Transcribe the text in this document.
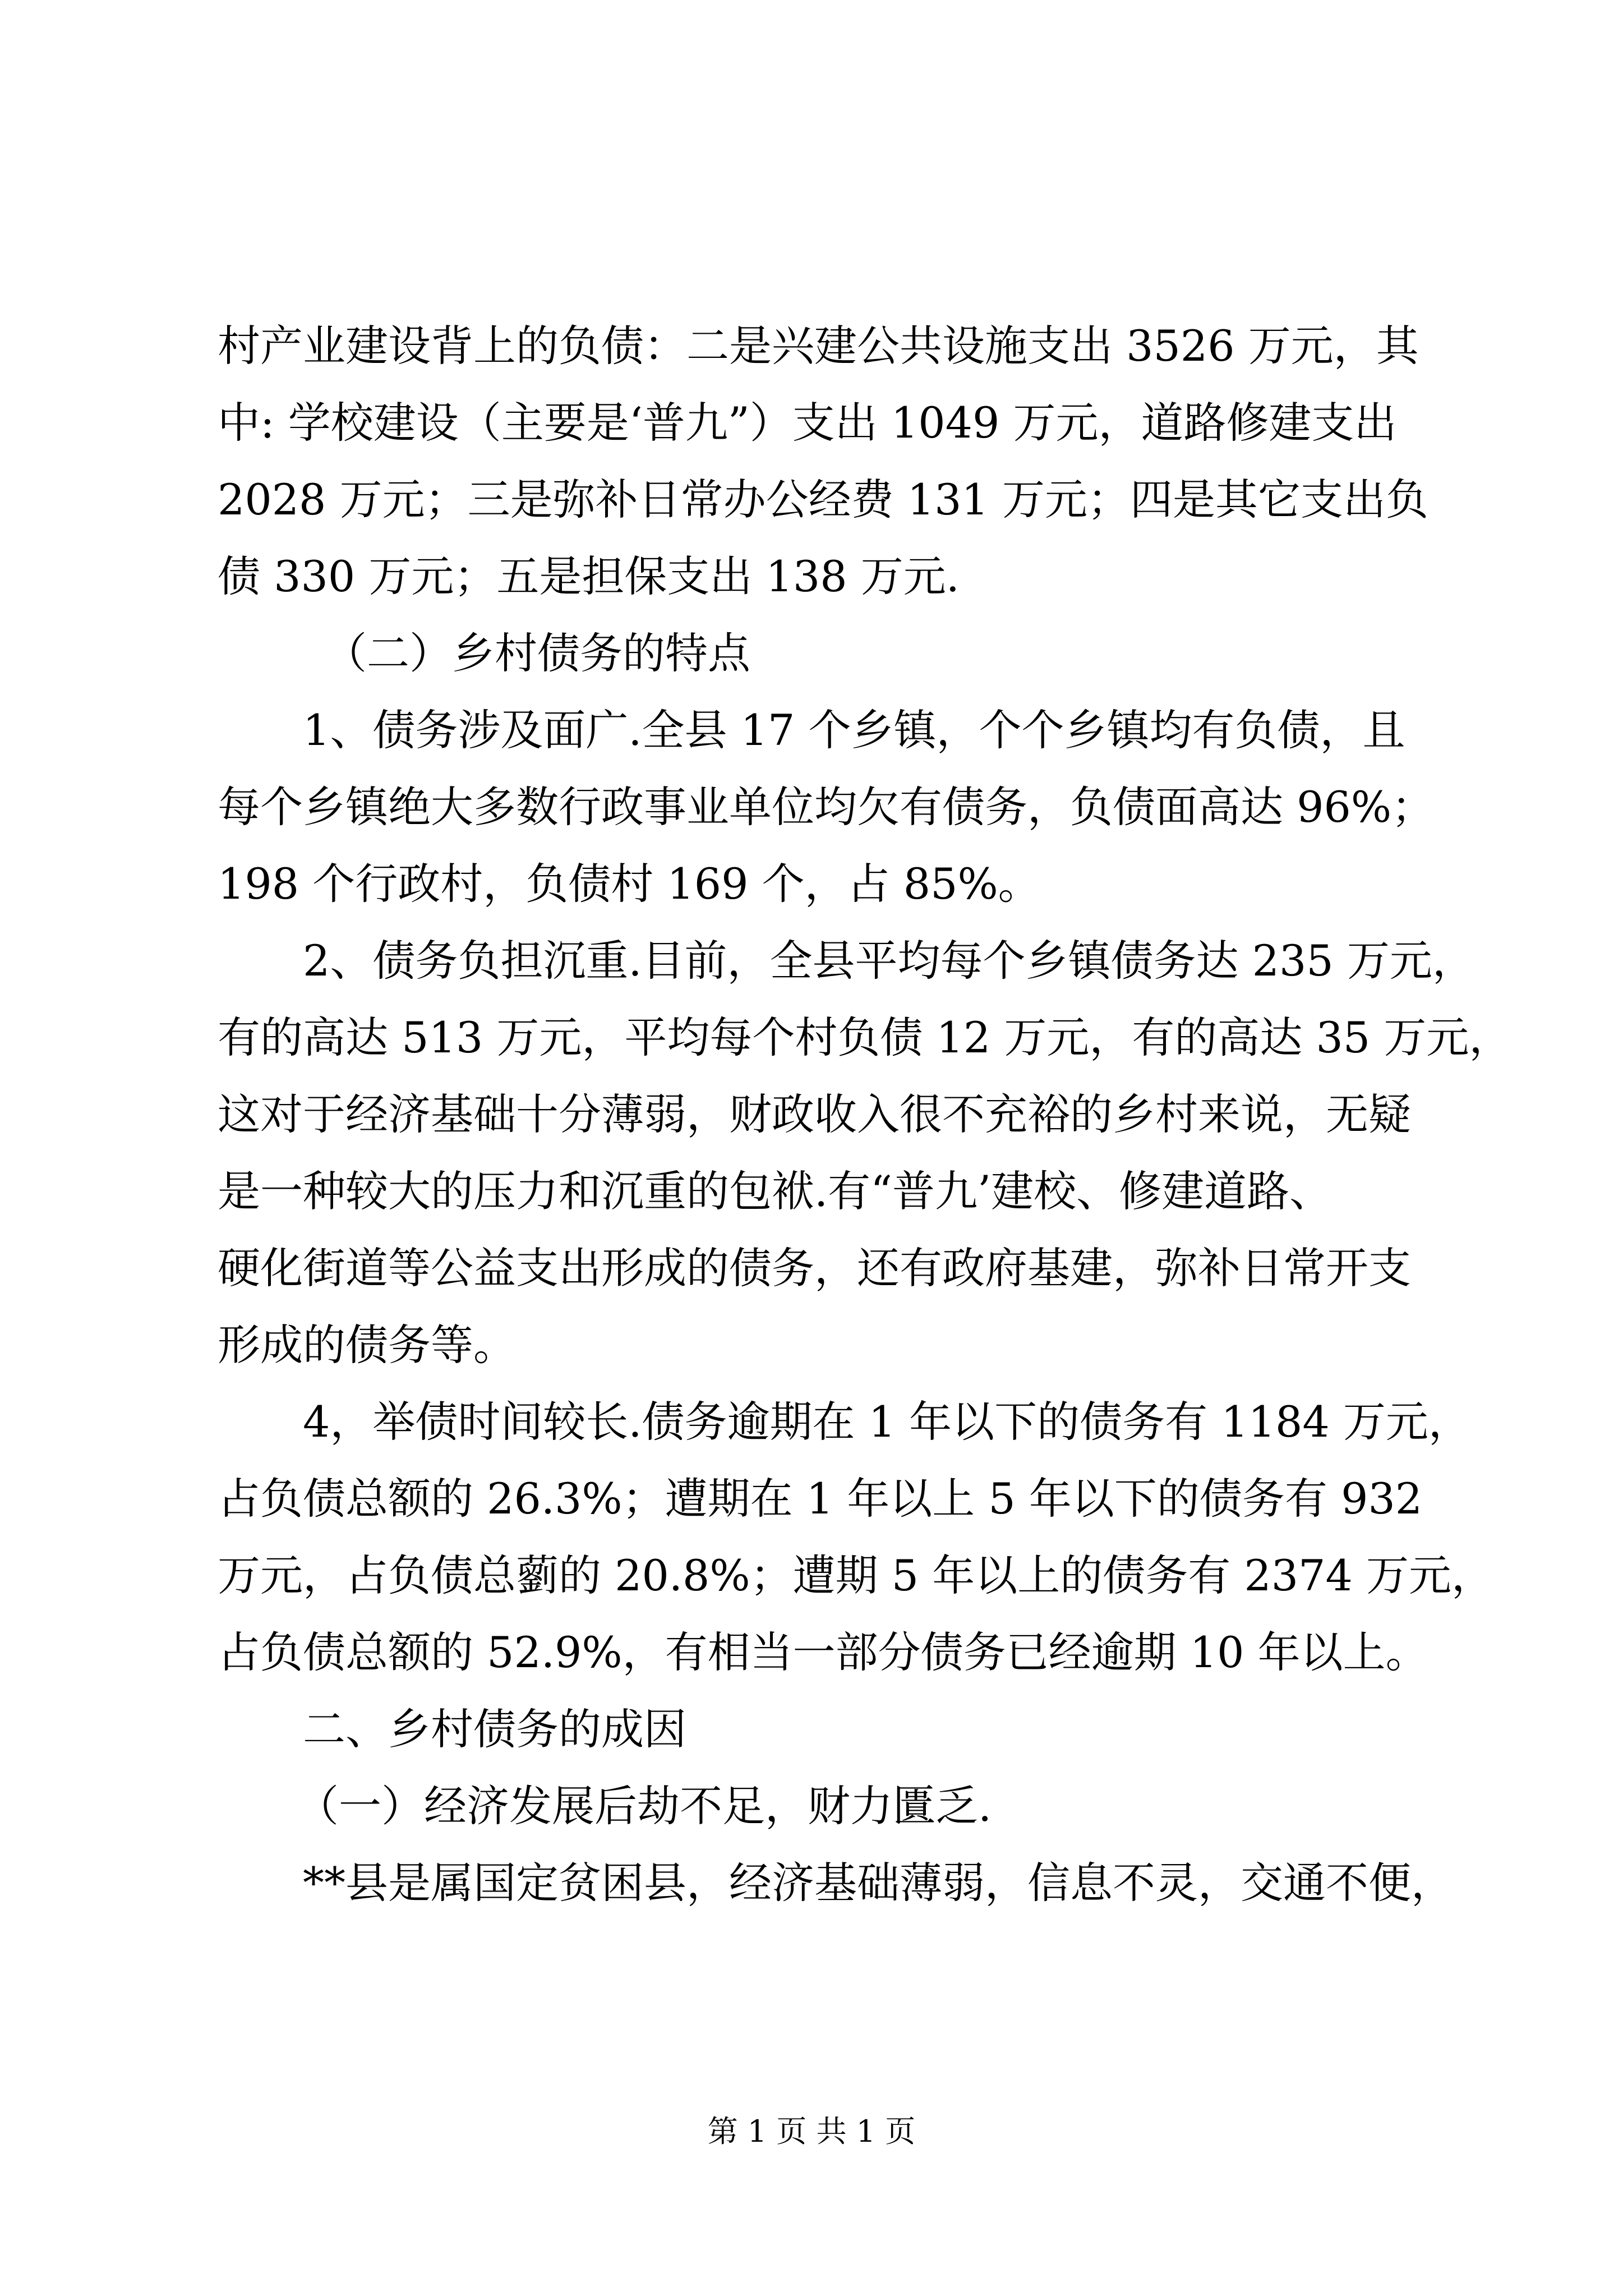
村产业建设背上的负债：二是兴建公共设施支出 3526 万元，其
中: 学校建设（主要是‘普九”）支出 1049 万元，道路修建支出
2028 万元；三是弥补日常办公经费 131 万元；四是其它支出负
债 330 万元；五是担保支出 138 万元.
（二）乡村债务的特点
1、债务涉及面广.全县 17 个乡镇，个个乡镇均有负债，且
每个乡镇绝大多数行政事业单位均欠有债务，负债面高达 96%；
198 个行政村，负债村 169 个，占 85%。
2、债务负担沉重.目前，全县平均每个乡镇债务达 235 万元，
有的高达 513 万元，平均每个村负债 12 万元，有的高达 35 万元，
这对于经济基础十分薄弱，财政收入很不充裕的乡村来说，无疑
是一种较大的压力和沉重的包袱.有“普九’建校、修建道路、
硬化街道等公益支出形成的债务，还有政府基建，弥补日常开支
形成的债务等。
4，举债时间较长.债务逾期在 1 年以下的债务有 1184 万元，
占负债总额的 26.3%；遭期在 1 年以上 5 年以下的债务有 932
万元，占负债总藰的 20.8%；遭期 5 年以上的债务有 2374 万元，
占负债总额的 52.9%，有相当一部分债务已经逾期 10 年以上。
二、乡村债务的成因
（一）经济发展后劫不足，财力匱乏.
**县是属国定贫困县，经济基础薄弱，信息不灵，交通不便，
第 1 页 共 1 页
